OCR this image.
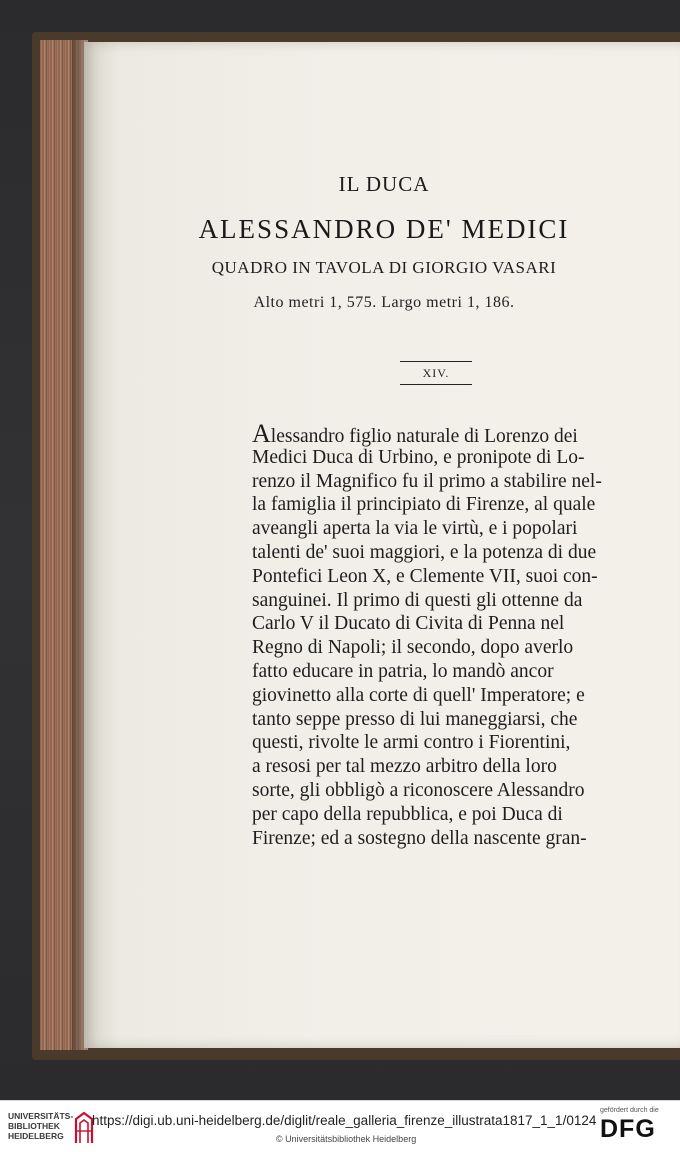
IL DUCA
ALESSANDRO DE' MEDICI
QUADRO IN TAVOLA DI GIORGIO VASARI
Alto metri 1, 575. Largo metri 1, 186.
XIV.
Alessandro figlio naturale di Lorenzo dei
Medici Duca di Urbino, e pronipote di Lo-
renzo il Magnifico fu il primo a stabilire nel-
la famiglia il principiato di Firenze, al quale
aveangli aperta la via le virtù, e i popolari
talenti de' suoi maggiori, e la potenza di due
Pontefici Leon X, e Clemente VII, suoi con-
sanguinei. Il primo di questi gli ottenne da
Carlo V il Ducato di Civita di Penna nel
Regno di Napoli; il secondo, dopo averlo
fatto educare in patria, lo mandò ancor
giovinetto alla corte di quell' Imperatore; e
tanto seppe presso di lui maneggiarsi, che
questi, rivolte le armi contro i Fiorentini,
a resosi per tal mezzo arbitro della loro
sorte, gli obbligò a riconoscere Alessandro
per capo della repubblica, e poi Duca di
Firenze; ed a sostegno della nascente gran-
UNIVERSITÄTS-
BIBLIOTHEK
HEIDELBERG
https://digi.ub.uni-heidelberg.de/diglit/reale_galleria_firenze_illustrata1817_1_1/0124
© Universitätsbibliothek Heidelberg
gefördert durch die
DFG
